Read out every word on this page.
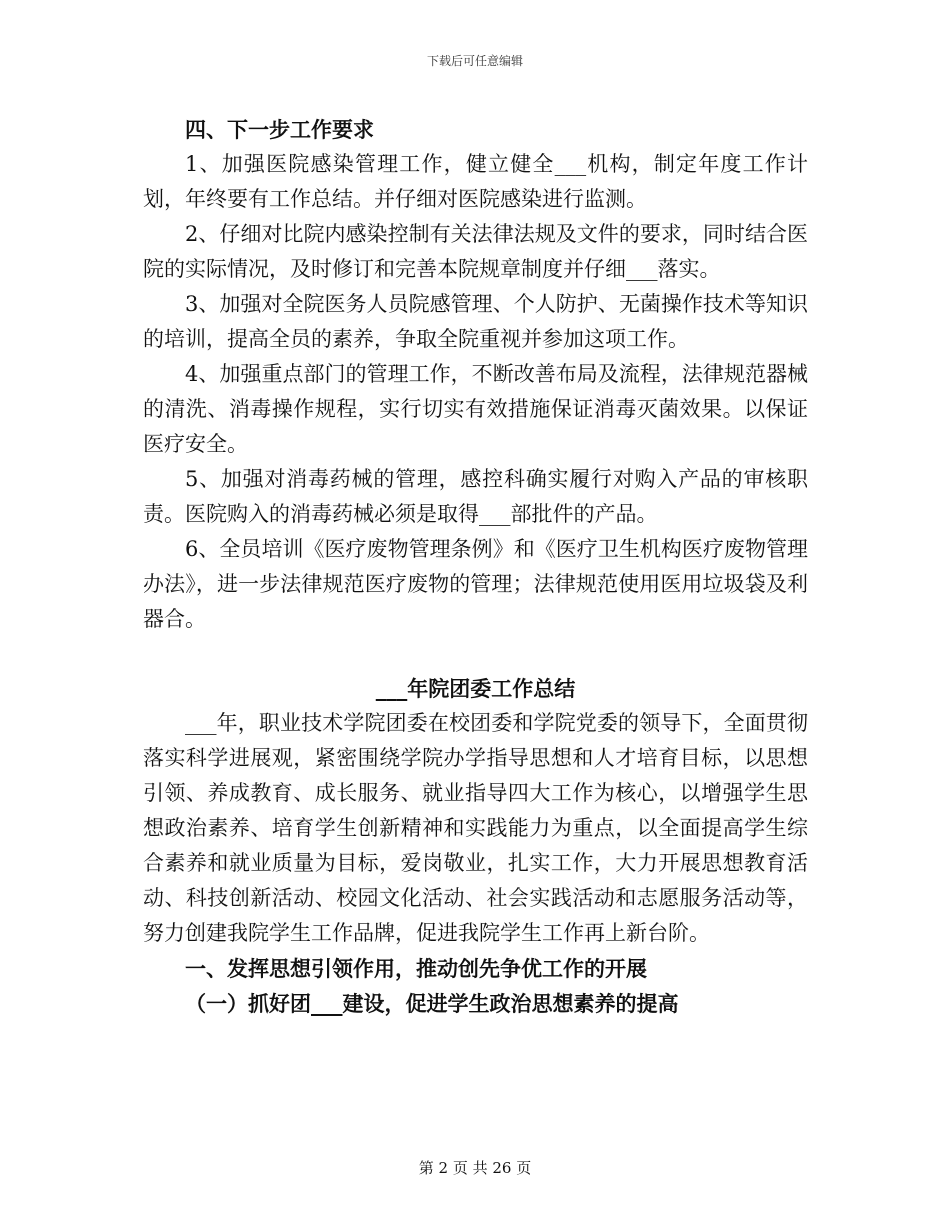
下载后可任意编辑

四、下一步工作要求

1、加强医院感染管理工作，健立健全___机构，制定年度工作计划，年终要有工作总结。并仔细对医院感染进行监测。

2、仔细对比院内感染控制有关法律法规及文件的要求，同时结合医院的实际情况，及时修订和完善本院规章制度并仔细___落实。

3、加强对全院医务人员院感管理、个人防护、无菌操作技术等知识的培训，提高全员的素养，争取全院重视并参加这项工作。

4、加强重点部门的管理工作，不断改善布局及流程，法律规范器械的清洗、消毒操作规程，实行切实有效措施保证消毒灭菌效果。以保证医疗安全。

5、加强对消毒药械的管理，感控科确实履行对购入产品的审核职责。医院购入的消毒药械必须是取得___部批件的产品。

6、全员培训《医疗废物管理条例》和《医疗卫生机构医疗废物管理办法》，进一步法律规范医疗废物的管理；法律规范使用医用垃圾袋及利器合。

___年院团委工作总结

___年，职业技术学院团委在校团委和学院党委的领导下，全面贯彻落实科学进展观，紧密围绕学院办学指导思想和人才培育目标，以思想引领、养成教育、成长服务、就业指导四大工作为核心，以增强学生思想政治素养、培育学生创新精神和实践能力为重点，以全面提高学生综合素养和就业质量为目标，爱岗敬业，扎实工作，大力开展思想教育活动、科技创新活动、校园文化活动、社会实践活动和志愿服务活动等，努力创建我院学生工作品牌，促进我院学生工作再上新台阶。

一、发挥思想引领作用，推动创先争优工作的开展

（一）抓好团___建设，促进学生政治思想素养的提高

第 2 页 共 26 页
